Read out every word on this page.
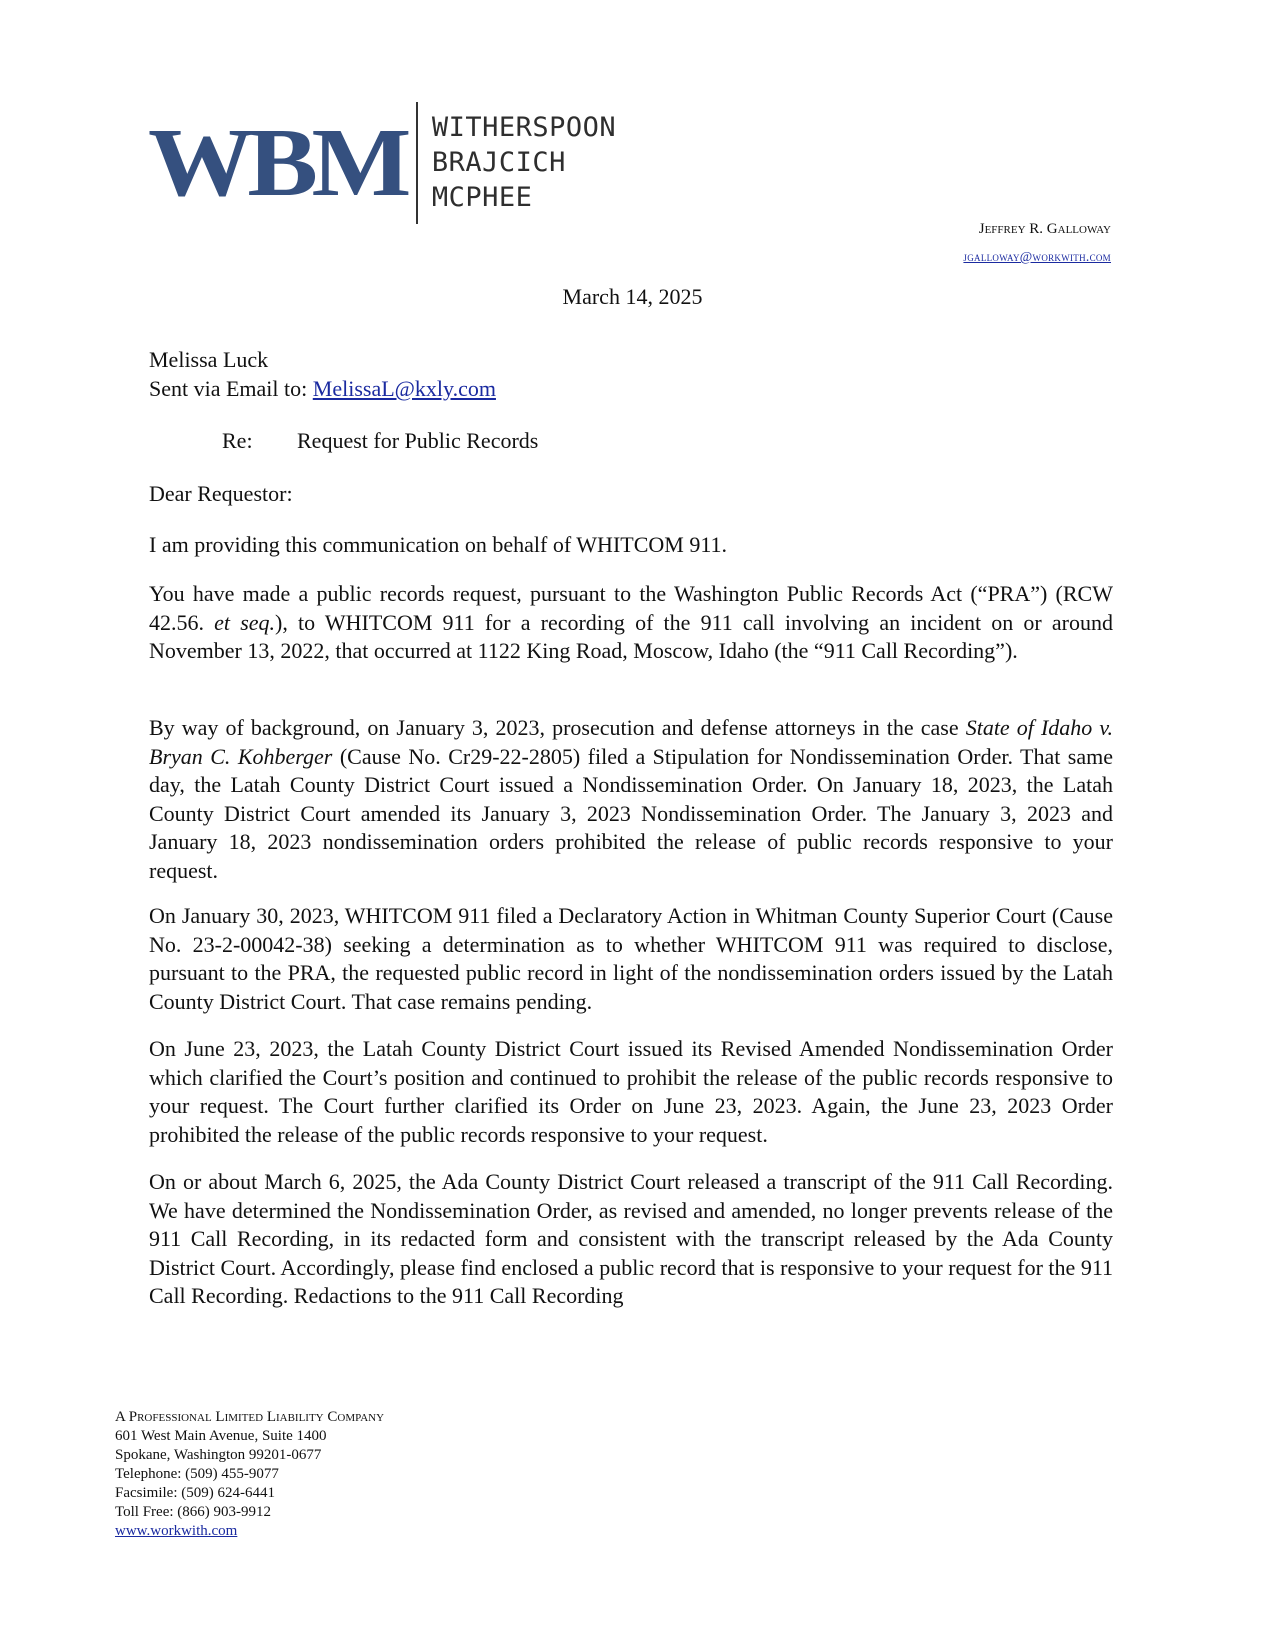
WBM WITHERSPOON
BRAJCICH
MCPHEE
Jeffrey R. Galloway
jgalloway@workwith.com
March 14, 2025
Melissa Luck
Sent via Email to: MelissaL@kxly.com
Re:	Request for Public Records
Dear Requestor:

I am providing this communication on behalf of WHITCOM 911.

You have made a public records request, pursuant to the Washington Public Records Act (“PRA”) (RCW 42.56. et seq.), to WHITCOM 911 for a recording of the 911 call involving an incident on or around November 13, 2022, that occurred at 1122 King Road, Moscow, Idaho (the “911 Call Recording”).

By way of background, on January 3, 2023, prosecution and defense attorneys in the case State of Idaho v. Bryan C. Kohberger (Cause No. Cr29-22-2805) filed a Stipulation for Nondissemination Order. That same day, the Latah County District Court issued a Nondissemination Order. On January 18, 2023, the Latah County District Court amended its January 3, 2023 Nondissemination Order. The January 3, 2023 and January 18, 2023 nondissemination orders prohibited the release of public records responsive to your request.

On January 30, 2023, WHITCOM 911 filed a Declaratory Action in Whitman County Superior Court (Cause No. 23-2-00042-38) seeking a determination as to whether WHITCOM 911 was required to disclose, pursuant to the PRA, the requested public record in light of the nondissemination orders issued by the Latah County District Court. That case remains pending.

On June 23, 2023, the Latah County District Court issued its Revised Amended Nondissemination Order which clarified the Court’s position and continued to prohibit the release of the public records responsive to your request. The Court further clarified its Order on June 23, 2023. Again, the June 23, 2023 Order prohibited the release of the public records responsive to your request.

On or about March 6, 2025, the Ada County District Court released a transcript of the 911 Call Recording. We have determined the Nondissemination Order, as revised and amended, no longer prevents release of the 911 Call Recording, in its redacted form and consistent with the transcript released by the Ada County District Court. Accordingly, please find enclosed a public record that is responsive to your request for the 911 Call Recording. Redactions to the 911 Call Recording

A Professional Limited Liability Company
601 West Main Avenue, Suite 1400
Spokane, Washington 99201-0677
Telephone: (509) 455-9077
Facsimile: (509) 624-6441
Toll Free: (866) 903-9912
www.workwith.com
